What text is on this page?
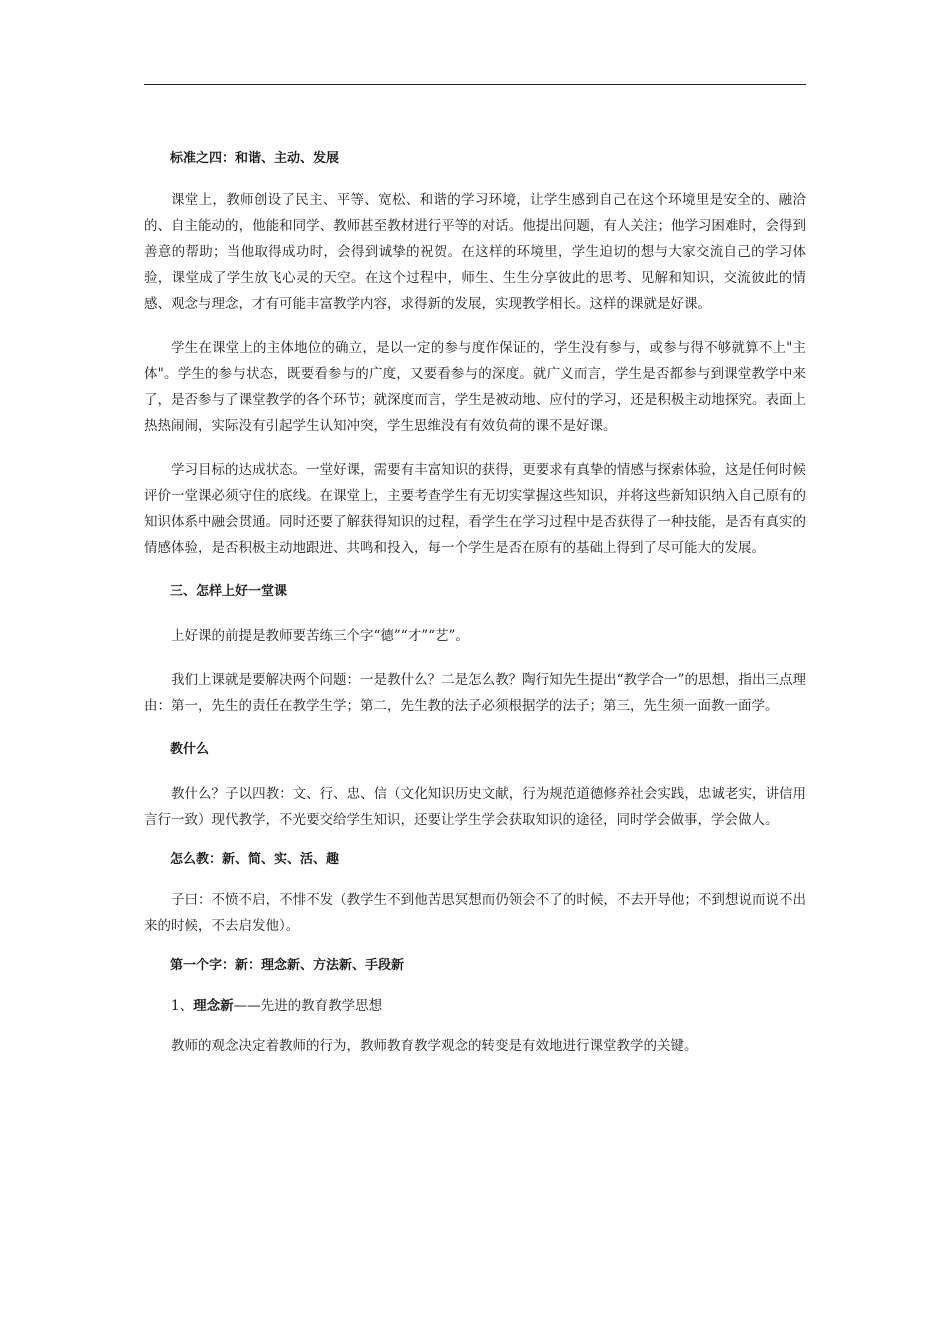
标准之四：和谐、主动、发展

课堂上，教师创设了民主、平等、宽松、和谐的学习环境，让学生感到自己在这个环境里是安全的、融洽的、自主能动的，他能和同学、教师甚至教材进行平等的对话。他提出问题，有人关注；他学习困难时，会得到善意的帮助；当他取得成功时，会得到诚挚的祝贺。在这样的环境里，学生迫切的想与大家交流自己的学习体验，课堂成了学生放飞心灵的天空。在这个过程中，师生、生生分享彼此的思考、见解和知识，交流彼此的情感、观念与理念，才有可能丰富教学内容，求得新的发展，实现教学相长。这样的课就是好课。

学生在课堂上的主体地位的确立，是以一定的参与度作保证的，学生没有参与，或参与得不够就算不上"主体"。学生的参与状态，既要看参与的广度，又要看参与的深度。就广义而言，学生是否都参与到课堂教学中来了，是否参与了课堂教学的各个环节；就深度而言，学生是被动地、应付的学习，还是积极主动地探究。表面上热热闹闹，实际没有引起学生认知冲突，学生思维没有有效负荷的课不是好课。

学习目标的达成状态。一堂好课，需要有丰富知识的获得，更要求有真挚的情感与探索体验，这是任何时候评价一堂课必须守住的底线。在课堂上，主要考查学生有无切实掌握这些知识，并将这些新知识纳入自己原有的知识体系中融会贯通。同时还要了解获得知识的过程，看学生在学习过程中是否获得了一种技能，是否有真实的情感体验，是否积极主动地跟进、共鸣和投入，每一个学生是否在原有的基础上得到了尽可能大的发展。

三、怎样上好一堂课

上好课的前提是教师要苦练三个字“德”“才”“艺”。

我们上课就是要解决两个问题：一是教什么？二是怎么教？陶行知先生提出“教学合一”的思想，指出三点理由：第一，先生的责任在教学生学；第二，先生教的法子必须根据学的法子；第三，先生须一面教一面学。

教什么

教什么？子以四教：文、行、忠、信（文化知识历史文献，行为规范道德修养社会实践，忠诚老实，讲信用言行一致）现代教学，不光要交给学生知识，还要让学生学会获取知识的途径，同时学会做事，学会做人。

怎么教：新、简、实、活、趣

子曰：不愤不启，不悱不发（教学生不到他苦思冥想而仍领会不了的时候，不去开导他；不到想说而说不出来的时候，不去启发他）。

第一个字：新：理念新、方法新、手段新

1、理念新——先进的教育教学思想

教师的观念决定着教师的行为，教师教育教学观念的转变是有效地进行课堂教学的关键。
